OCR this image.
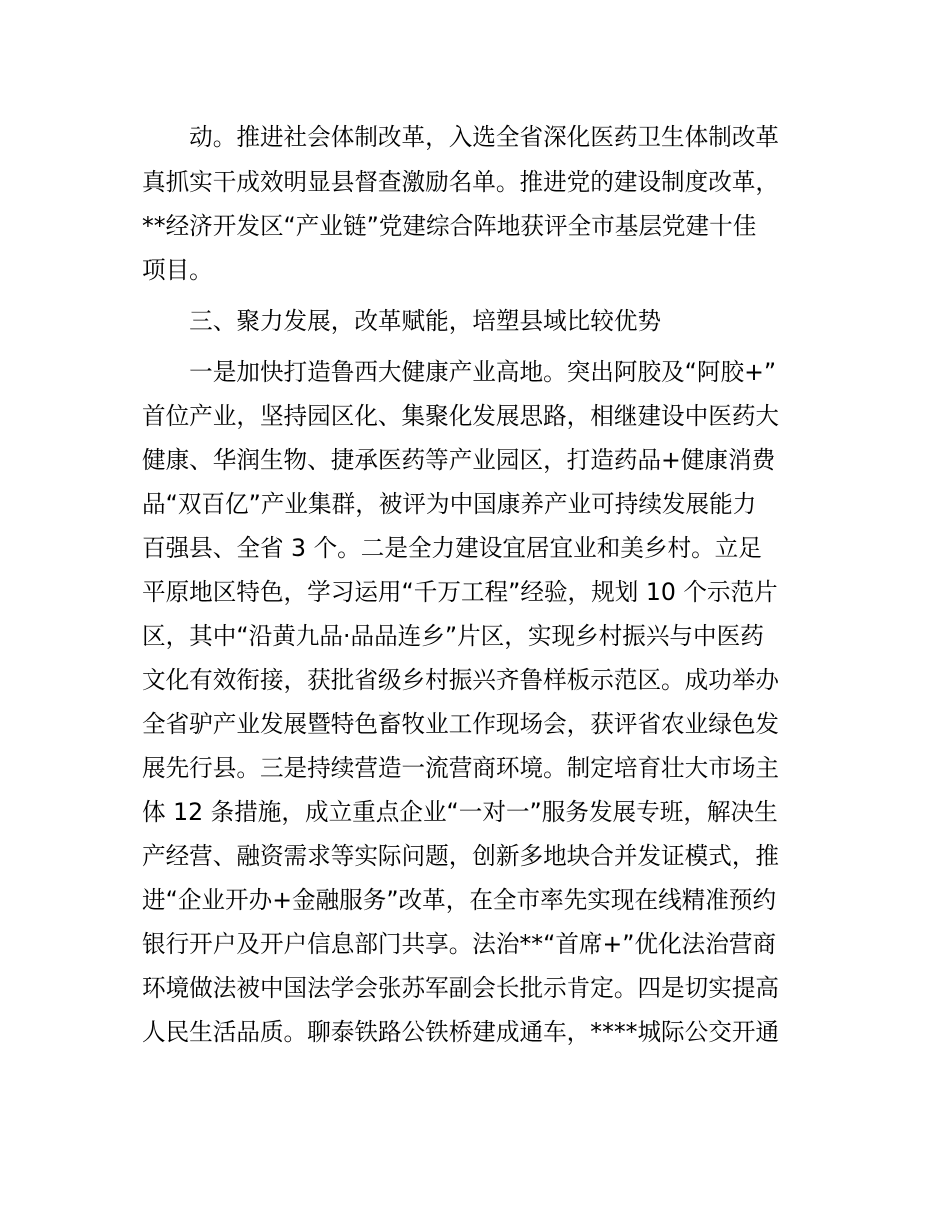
　　动。推进社会体制改革，入选全省深化医药卫生体制改革
真抓实干成效明显县督查激励名单。推进党的建设制度改革，
**经济开发区“产业链”党建综合阵地获评全市基层党建十佳
项目。
　　三、聚力发展，改革赋能，培塑县域比较优势
　　一是加快打造鲁西大健康产业高地。突出阿胶及“阿胶+”
首位产业，坚持园区化、集聚化发展思路，相继建设中医药大
健康、华润生物、捷承医药等产业园区，打造药品+健康消费
品“双百亿”产业集群，被评为中国康养产业可持续发展能力
百强县、全省 3 个。二是全力建设宜居宜业和美乡村。立足
平原地区特色，学习运用“千万工程”经验，规划 10 个示范片
区，其中“沿黄九品·品品连乡”片区，实现乡村振兴与中医药
文化有效衔接，获批省级乡村振兴齐鲁样板示范区。成功举办
全省驴产业发展暨特色畜牧业工作现场会，获评省农业绿色发
展先行县。三是持续营造一流营商环境。制定培育壮大市场主
体 12 条措施，成立重点企业“一对一”服务发展专班，解决生
产经营、融资需求等实际问题，创新多地块合并发证模式，推
进“企业开办+金融服务”改革，在全市率先实现在线精准预约
银行开户及开户信息部门共享。法治**“首席+”优化法治营商
环境做法被中国法学会张苏军副会长批示肯定。四是切实提高
人民生活品质。聊泰铁路公铁桥建成通车，****城际公交开通
